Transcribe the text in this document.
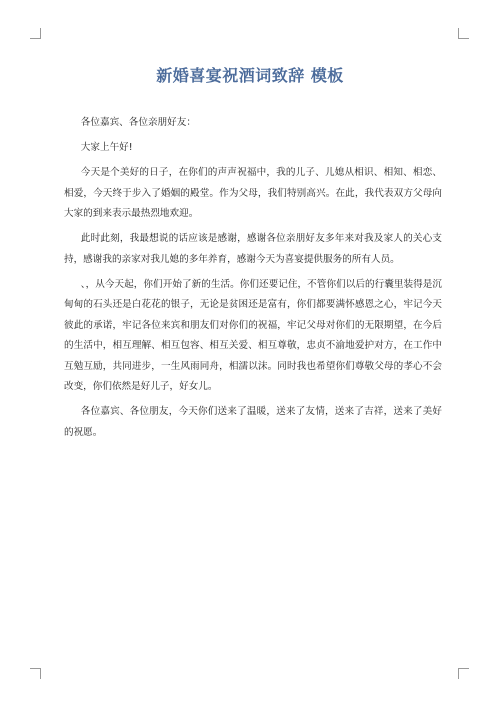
新婚喜宴祝酒词致辞 模板

各位嘉宾、各位亲朋好友：

大家上午好!

今天是个美好的日子，在你们的声声祝福中，我的儿子、儿媳从相识、相知、相恋、相爱，今天终于步入了婚姻的殿堂。作为父母，我们特别高兴。在此，我代表双方父母向大家的到来表示最热烈地欢迎。

此时此刻，我最想说的话应该是感谢，感谢各位亲朋好友多年来对我及家人的关心支持，感谢我的亲家对我儿媳的多年养育，感谢今天为喜宴提供服务的所有人员。

、，从今天起，你们开始了新的生活。你们还要记住，不管你们以后的行囊里装得是沉甸甸的石头还是白花花的银子，无论是贫困还是富有，你们都要满怀感恩之心，牢记今天彼此的承诺，牢记各位来宾和朋友们对你们的祝福，牢记父母对你们的无限期望，在今后的生活中，相互理解、相互包容、相互关爱、相互尊敬，忠贞不渝地爱护对方，在工作中互勉互励，共同进步，一生风雨同舟，相濡以沫。同时我也希望你们尊敬父母的孝心不会改变，你们依然是好儿子，好女儿。

各位嘉宾、各位朋友，今天你们送来了温暖，送来了友情，送来了吉祥，送来了美好的祝愿。
